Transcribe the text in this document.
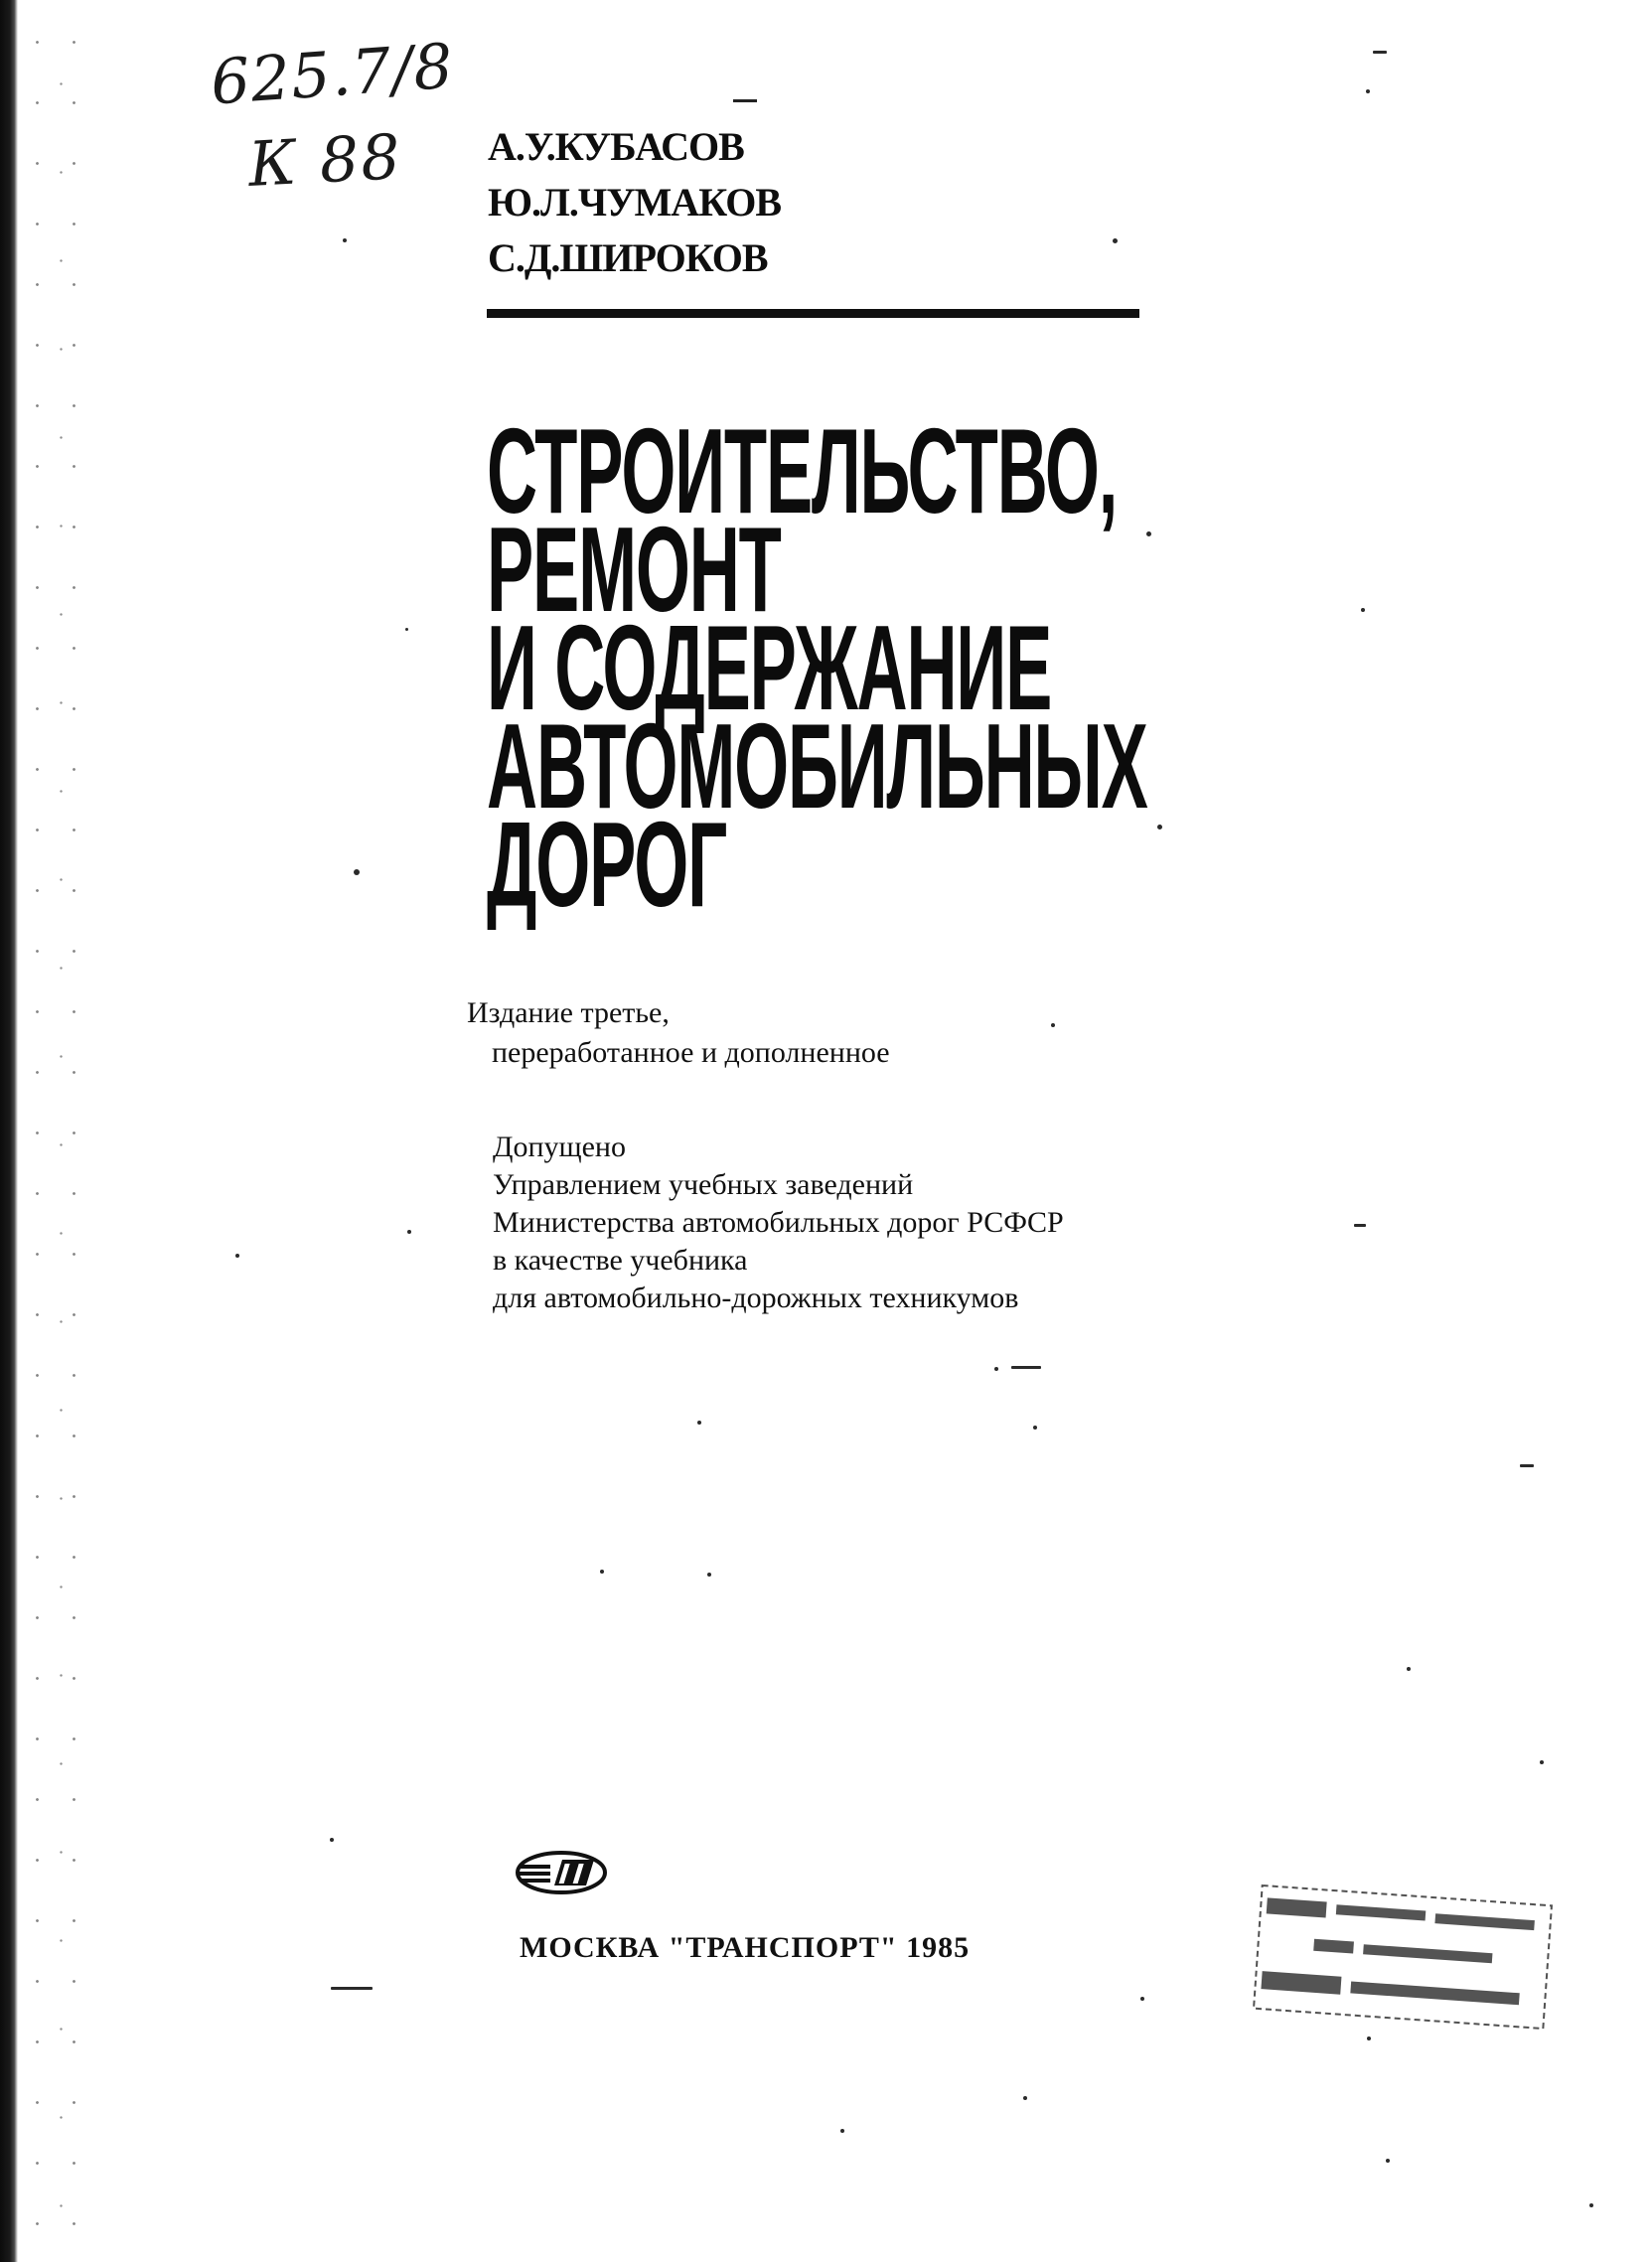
625.7/8
К 88 А.У.КУБАСОВ
Ю.Л.ЧУМАКОВ
С.Д.ШИРОКОВ
СТРОИТЕЛЬСТВО,
РЕМОНТ
И СОДЕРЖАНИЕ
АВТОМОБИЛЬНЫХ
ДОРОГ
Издание третье,
переработанное и дополненное
Допущено
Управлением учебных заведений
Министерства автомобильных дорог РСФСР
в качестве учебника
для автомобильно-дорожных техникумов
МОСКВА "ТРАНСПОРТ" 1985
